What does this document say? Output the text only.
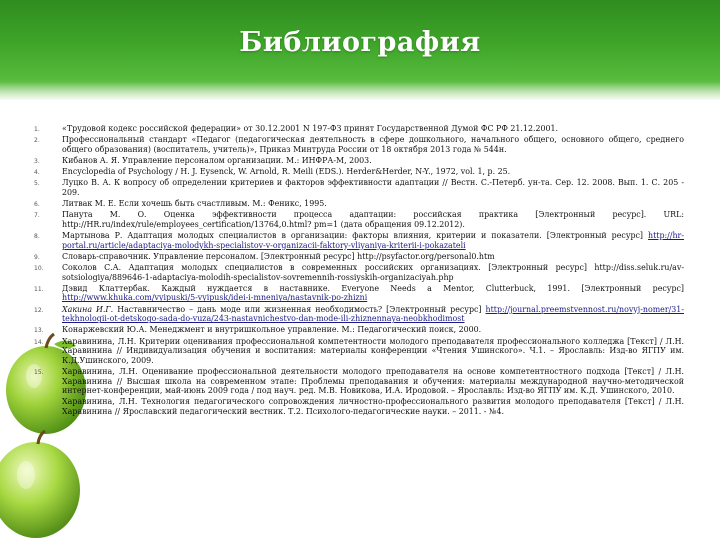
Библиография
1.	«Трудовой кодекс российской федерации» от 30.12.2001 N 197-ФЗ принят Государственной Думой ФС РФ 21.12.2001.
2.	Профессиональный стандарт «Педагог (педагогическая деятельность в сфере дошкольного, начального общего, основного общего, среднего общего образования) (воспитатель, учитель)», Приказ Минтруда России от 18 октября 2013 года № 544н.
3.	Кибанов А. Я. Управление персоналом организации. М.: ИНФРА-М, 2003.
4.	Encyclopedia of Psychology / H. J. Eysenck, W. Arnold, R. Meili (EDS.). Herder&Herder, N-Y., 1972, vol. 1, p. 25.
5.	Луцко В. А. К вопросу об определении критериев и факторов эффективности адаптации // Вестн. С.-Петерб. ун-та. Сер. 12. 2008. Вып. 1. С. 205 - 209.
6.	Литвак М. Е. Если хочешь быть счастливым. М.: Феникс, 1995.
7.	Панута М. О. Оценка эффективности процесса адаптации: российская практика [Электронный ресурс]. URL: http://HR.ru/index/rule/employees_certification/13764,0.html? pm=1 (дата обращения 09.12.2012).
8.	Мартынова Р. Адаптация молодых специалистов в организации: факторы влияния, критерии и показатели. [Электронный ресурс] http://hr-portal.ru/article/adaptaciya-molodykh-specialistov-v-organizacii-faktory-vliyaniya-kriterii-i-pokazateli
9.	Словарь-справочник. Управление персоналом. [Электронный ресурс] http://psyfactor.org/personal0.htm
10.	Соколов С.А. Адаптация молодых специалистов в современных российских организациях. [Электронный ресурс] http://diss.seluk.ru/av-sotsiologiya/889646-1-adaptaciya-molodih-specialistov-sovremennih-rossiyskih-organizaciyah.php
11.	Дэвид Клаттербак. Каждый нуждается в наставнике. Everyone Needs a Mentor, Clutterbuck, 1991. [Электронный ресурс] http://www.khuka.com/vyipuski/5-vyipusk/idei-i-mneniya/nastavnik-po-zhizni
12.	Хакина И.Г. Наставничество – дань моде или жизненная необходимость? [Электронный ресурс] http://journal.preemstvennost.ru/novyj-nomer/31-tekhnologii-ot-detskogo-sada-do-vuza/243-nastavnichestvo-dan-mode-ili-zhiznennaya-neobkhodimost
13.	Конаржевский Ю.А. Менеджмент и внутришкольное управление. М.: Педагогический поиск, 2000.
14.	Харавинина, Л.Н. Критерии оценивания профессиональной компетентности молодого преподавателя профессионального колледжа [Текст] / Л.Н. Харавинина // Индивидуализация обучения и воспитания: материалы конференции «Чтения Ушинского». Ч.1. – Ярославль: Изд-во ЯГПУ им. К.Д.Ушинского, 2009.
15.	Харавинина, Л.Н. Оценивание профессиональной деятельности молодого преподавателя на основе компетентностного подхода [Текст] / Л.Н. Харавинина // Высшая школа на современном этапе: Проблемы преподавания и обучения: материалы международной научно-методической интернет-конференции, май-июнь 2009 года / под науч. ред. М.В. Новикова, И.А. Ирoдовой. – Ярославль: Изд-во ЯГПУ им. К.Д. Ушинского, 2010.
Харавинина, Л.Н. Технология педагогического сопровождения личностно-профессионального развития молодого преподавателя [Текст] / Л.Н. Харавинина // Ярославский педагогический вестник. Т.2. Психолого-педагогические науки. – 2011. - №4.
